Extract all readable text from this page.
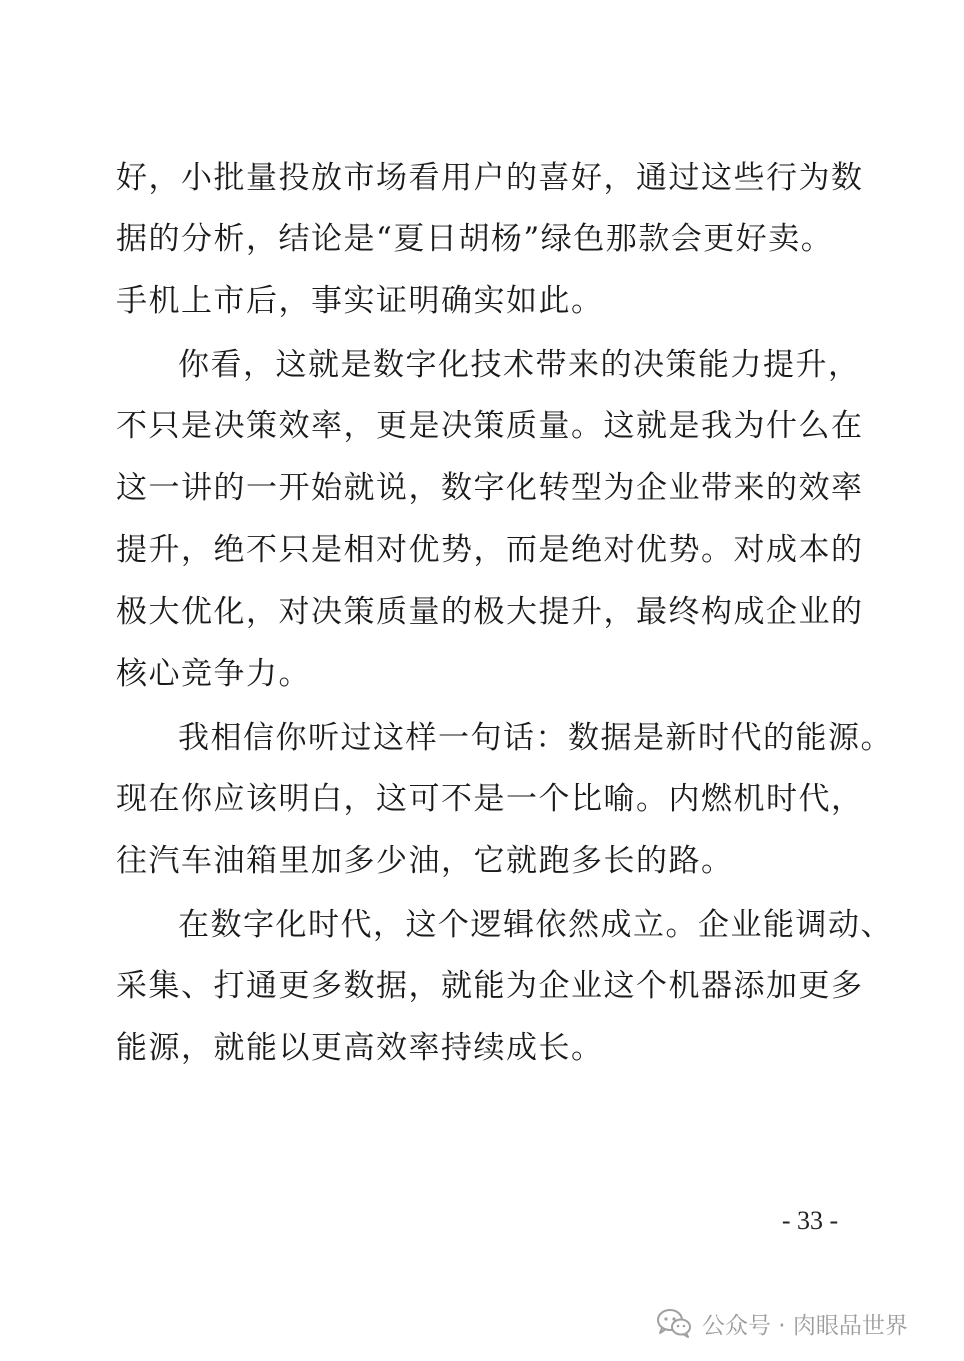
好，小批量投放市场看用户的喜好，通过这些行为数
据的分析，结论是“夏日胡杨”绿色那款会更好卖。
手机上市后，事实证明确实如此。
你看，这就是数字化技术带来的决策能力提升，
不只是决策效率，更是决策质量。这就是我为什么在
这一讲的一开始就说，数字化转型为企业带来的效率
提升，绝不只是相对优势，而是绝对优势。对成本的
极大优化，对决策质量的极大提升，最终构成企业的
核心竞争力。
我相信你听过这样一句话：数据是新时代的能源。
现在你应该明白，这可不是一个比喻。内燃机时代，
往汽车油箱里加多少油，它就跑多长的路。
在数字化时代，这个逻辑依然成立。企业能调动、
采集、打通更多数据，就能为企业这个机器添加更多
能源，就能以更高效率持续成长。
- 33 -
公众号 · 肉眼品世界
